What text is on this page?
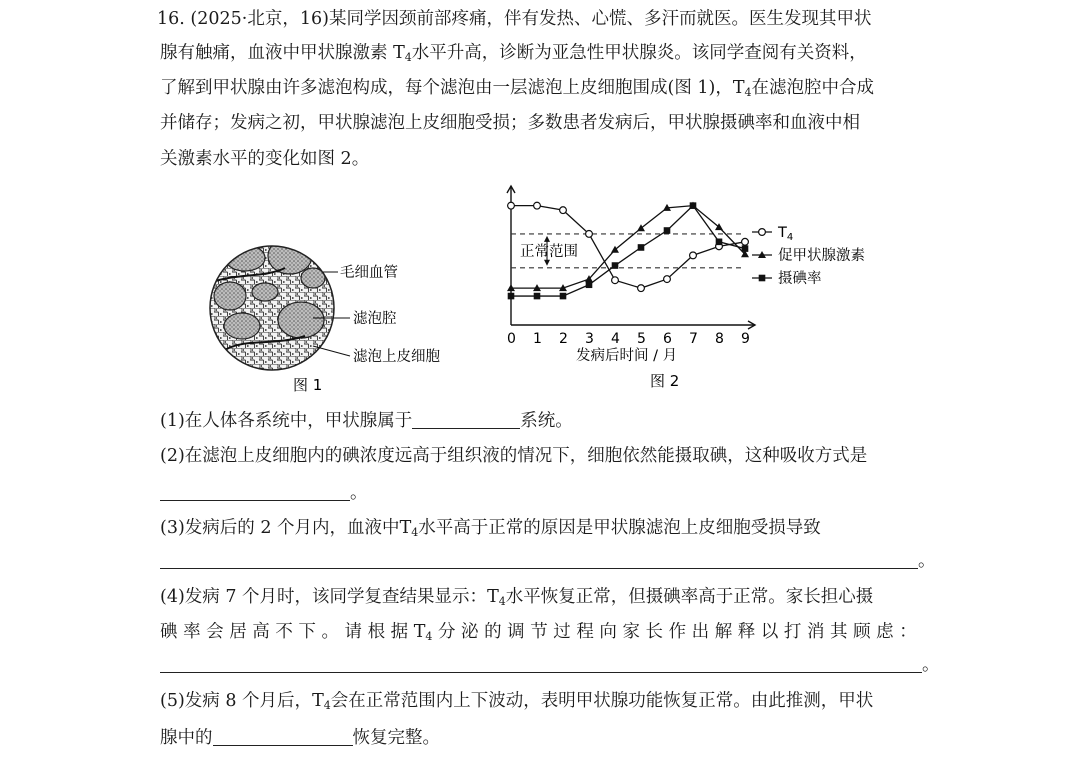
16. (2025·北京，16)某同学因颈前部疼痛，伴有发热、心慌、多汗而就医。医生发现其甲状
腺有触痛，血液中甲状腺激素 $T_4$水平升高，诊断为亚急性甲状腺炎。该同学查阅有关资料，
了解到甲状腺由许多滤泡构成，每个滤泡由一层滤泡上皮细胞围成(图 1)，$T_4$在滤泡腔中合成
并储存；发病之初，甲状腺滤泡上皮细胞受损；多数患者发病后，甲状腺摄碘率和血液中相
关激素水平的变化如图 2。
毛细血管
滤泡腔
滤泡上皮细胞
图 1
0 1 2 3 4 5 6 7 8 9
$T_4$
促甲状腺激素
摄碘率
正常范围
发病后时间 / 月
图 2
(1)在人体各系统中，甲状腺属于	系统。
(2)在滤泡上皮细胞内的碘浓度远高于组织液的情况下，细胞依然能摄取碘，这种吸收方式是
。
(3)发病后的 2 个月内，血液中$T_4$水平高于正常的原因是甲状腺滤泡上皮细胞受损导致
。
(4)发病 7 个月时，该同学复查结果显示：$T_4$水平恢复正常，但摄碘率高于正常。家长担心摄
碘 率 会 居 高 不 下 。 请 根 据 $T_4$ 分 泌 的 调 节 过 程 向 家 长 作 出 解 释 以 打 消 其 顾 虑 ：
。
(5)发病 8 个月后，$T_4$会在正常范围内上下波动，表明甲状腺功能恢复正常。由此推测，甲状
腺中的	恢复完整。
